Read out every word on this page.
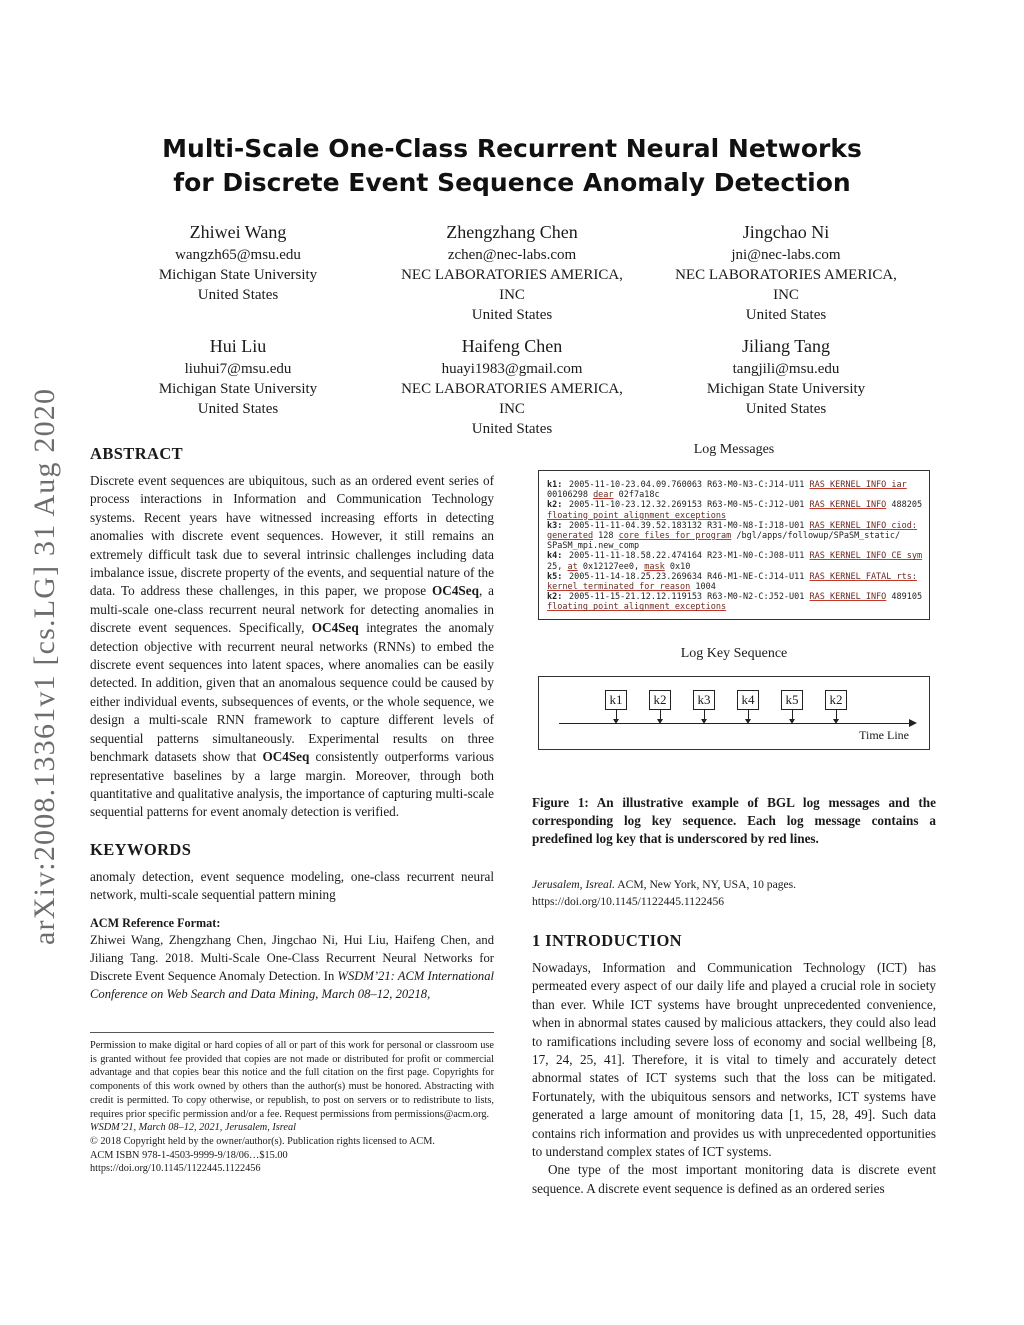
arXiv:2008.13361v1 [cs.LG] 31 Aug 2020
Multi-Scale One-Class Recurrent Neural Networks
for Discrete Event Sequence Anomaly Detection
Zhiwei Wang
wangzh65@msu.edu
Michigan State University
United States
Zhengzhang Chen
zchen@nec-labs.com
NEC LABORATORIES AMERICA,
INC
United States
Jingchao Ni
jni@nec-labs.com
NEC LABORATORIES AMERICA,
INC
United States
Hui Liu
liuhui7@msu.edu
Michigan State University
United States
Haifeng Chen
huayi1983@gmail.com
NEC LABORATORIES AMERICA,
INC
United States
Jiliang Tang
tangjili@msu.edu
Michigan State University
United States
ABSTRACT

Discrete event sequences are ubiquitous, such as an ordered event series of process interactions in Information and Communication Technology systems. Recent years have witnessed increasing efforts in detecting anomalies with discrete event sequences. However, it still remains an extremely difficult task due to several intrinsic challenges including data imbalance issue, discrete property of the events, and sequential nature of the data. To address these challenges, in this paper, we propose OC4Seq, a multi-scale one-class recurrent neural network for detecting anomalies in discrete event sequences. Specifically, OC4Seq integrates the anomaly detection objective with recurrent neural networks (RNNs) to embed the discrete event sequences into latent spaces, where anomalies can be easily detected. In addition, given that an anomalous sequence could be caused by either individual events, subsequences of events, or the whole sequence, we design a multi-scale RNN framework to capture different levels of sequential patterns simultaneously. Experimental results on three benchmark datasets show that OC4Seq consistently outperforms various representative baselines by a large margin. Moreover, through both quantitative and qualitative analysis, the importance of capturing multi-scale sequential patterns for event anomaly detection is verified.

KEYWORDS

anomaly detection, event sequence modeling, one-class recurrent neural network, multi-scale sequential pattern mining

ACM Reference Format:

Zhiwei Wang, Zhengzhang Chen, Jingchao Ni, Hui Liu, Haifeng Chen, and Jiliang Tang. 2018. Multi-Scale One-Class Recurrent Neural Networks for Discrete Event Sequence Anomaly Detection. In WSDM’21: ACM International Conference on Web Search and Data Mining, March 08–12, 20218,

Permission to make digital or hard copies of all or part of this work for personal or classroom use is granted without fee provided that copies are not made or distributed for profit or commercial advantage and that copies bear this notice and the full citation on the first page. Copyrights for components of this work owned by others than the author(s) must be honored. Abstracting with credit is permitted. To copy otherwise, or republish, to post on servers or to redistribute to lists, requires prior specific permission and/or a fee. Request permissions from permissions@acm.org.
WSDM’21, March 08–12, 2021, Jerusalem, Isreal
© 2018 Copyright held by the owner/author(s). Publication rights licensed to ACM.
ACM ISBN 978-1-4503-9999-9/18/06…$15.00
https://doi.org/10.1145/1122445.1122456
Log Messages
k1: 2005-11-10-23.04.09.760063 R63-M0-N3-C:J14-U11 RAS KERNEL INFO iar
00106298 dear 02f7a18c
k2: 2005-11-10-23.12.32.269153 R63-M0-N5-C:J12-U01 RAS KERNEL INFO 488205
floating point alignment exceptions
k3: 2005-11-11-04.39.52.183132 R31-M0-N8-I:J18-U01 RAS KERNEL INFO ciod:
generated 128 core files for program /bgl/apps/followup/SPaSM_static/
SPaSM_mpi.new_comp
k4: 2005-11-11-18.58.22.474164 R23-M1-N0-C:J08-U11 RAS KERNEL INFO CE sym
25, at 0x12127ee0, mask 0x10
k5: 2005-11-14-18.25.23.269634 R46-M1-NE-C:J14-U11 RAS KERNEL FATAL rts:
kernel terminated for reason 1004
k2: 2005-11-15-21.12.12.119153 R63-M0-N2-C:J52-U01 RAS KERNEL INFO 489105
floating point alignment exceptions
Log Key Sequence
k1	k2	k3	k4	k5	k2
Time Line

Figure 1: An illustrative example of BGL log messages and the corresponding log key sequence. Each log message contains a predefined log key that is underscored by red lines.

Jerusalem, Isreal. ACM, New York, NY, USA, 10 pages. https://doi.org/10.1145/1122445.1122456

1 INTRODUCTION

Nowadays, Information and Communication Technology (ICT) has permeated every aspect of our daily life and played a crucial role in society than ever. While ICT systems have brought unprecedented convenience, when in abnormal states caused by malicious attackers, they could also lead to ramifications including severe loss of economy and social wellbeing [8, 17, 24, 25, 41]. Therefore, it is vital to timely and accurately detect abnormal states of ICT systems such that the loss can be mitigated. Fortunately, with the ubiquitous sensors and networks, ICT systems have generated a large amount of monitoring data [1, 15, 28, 49]. Such data contains rich information and provides us with unprecedented opportunities to understand complex states of ICT systems.

One type of the most important monitoring data is discrete event sequence. A discrete event sequence is defined as an ordered series
